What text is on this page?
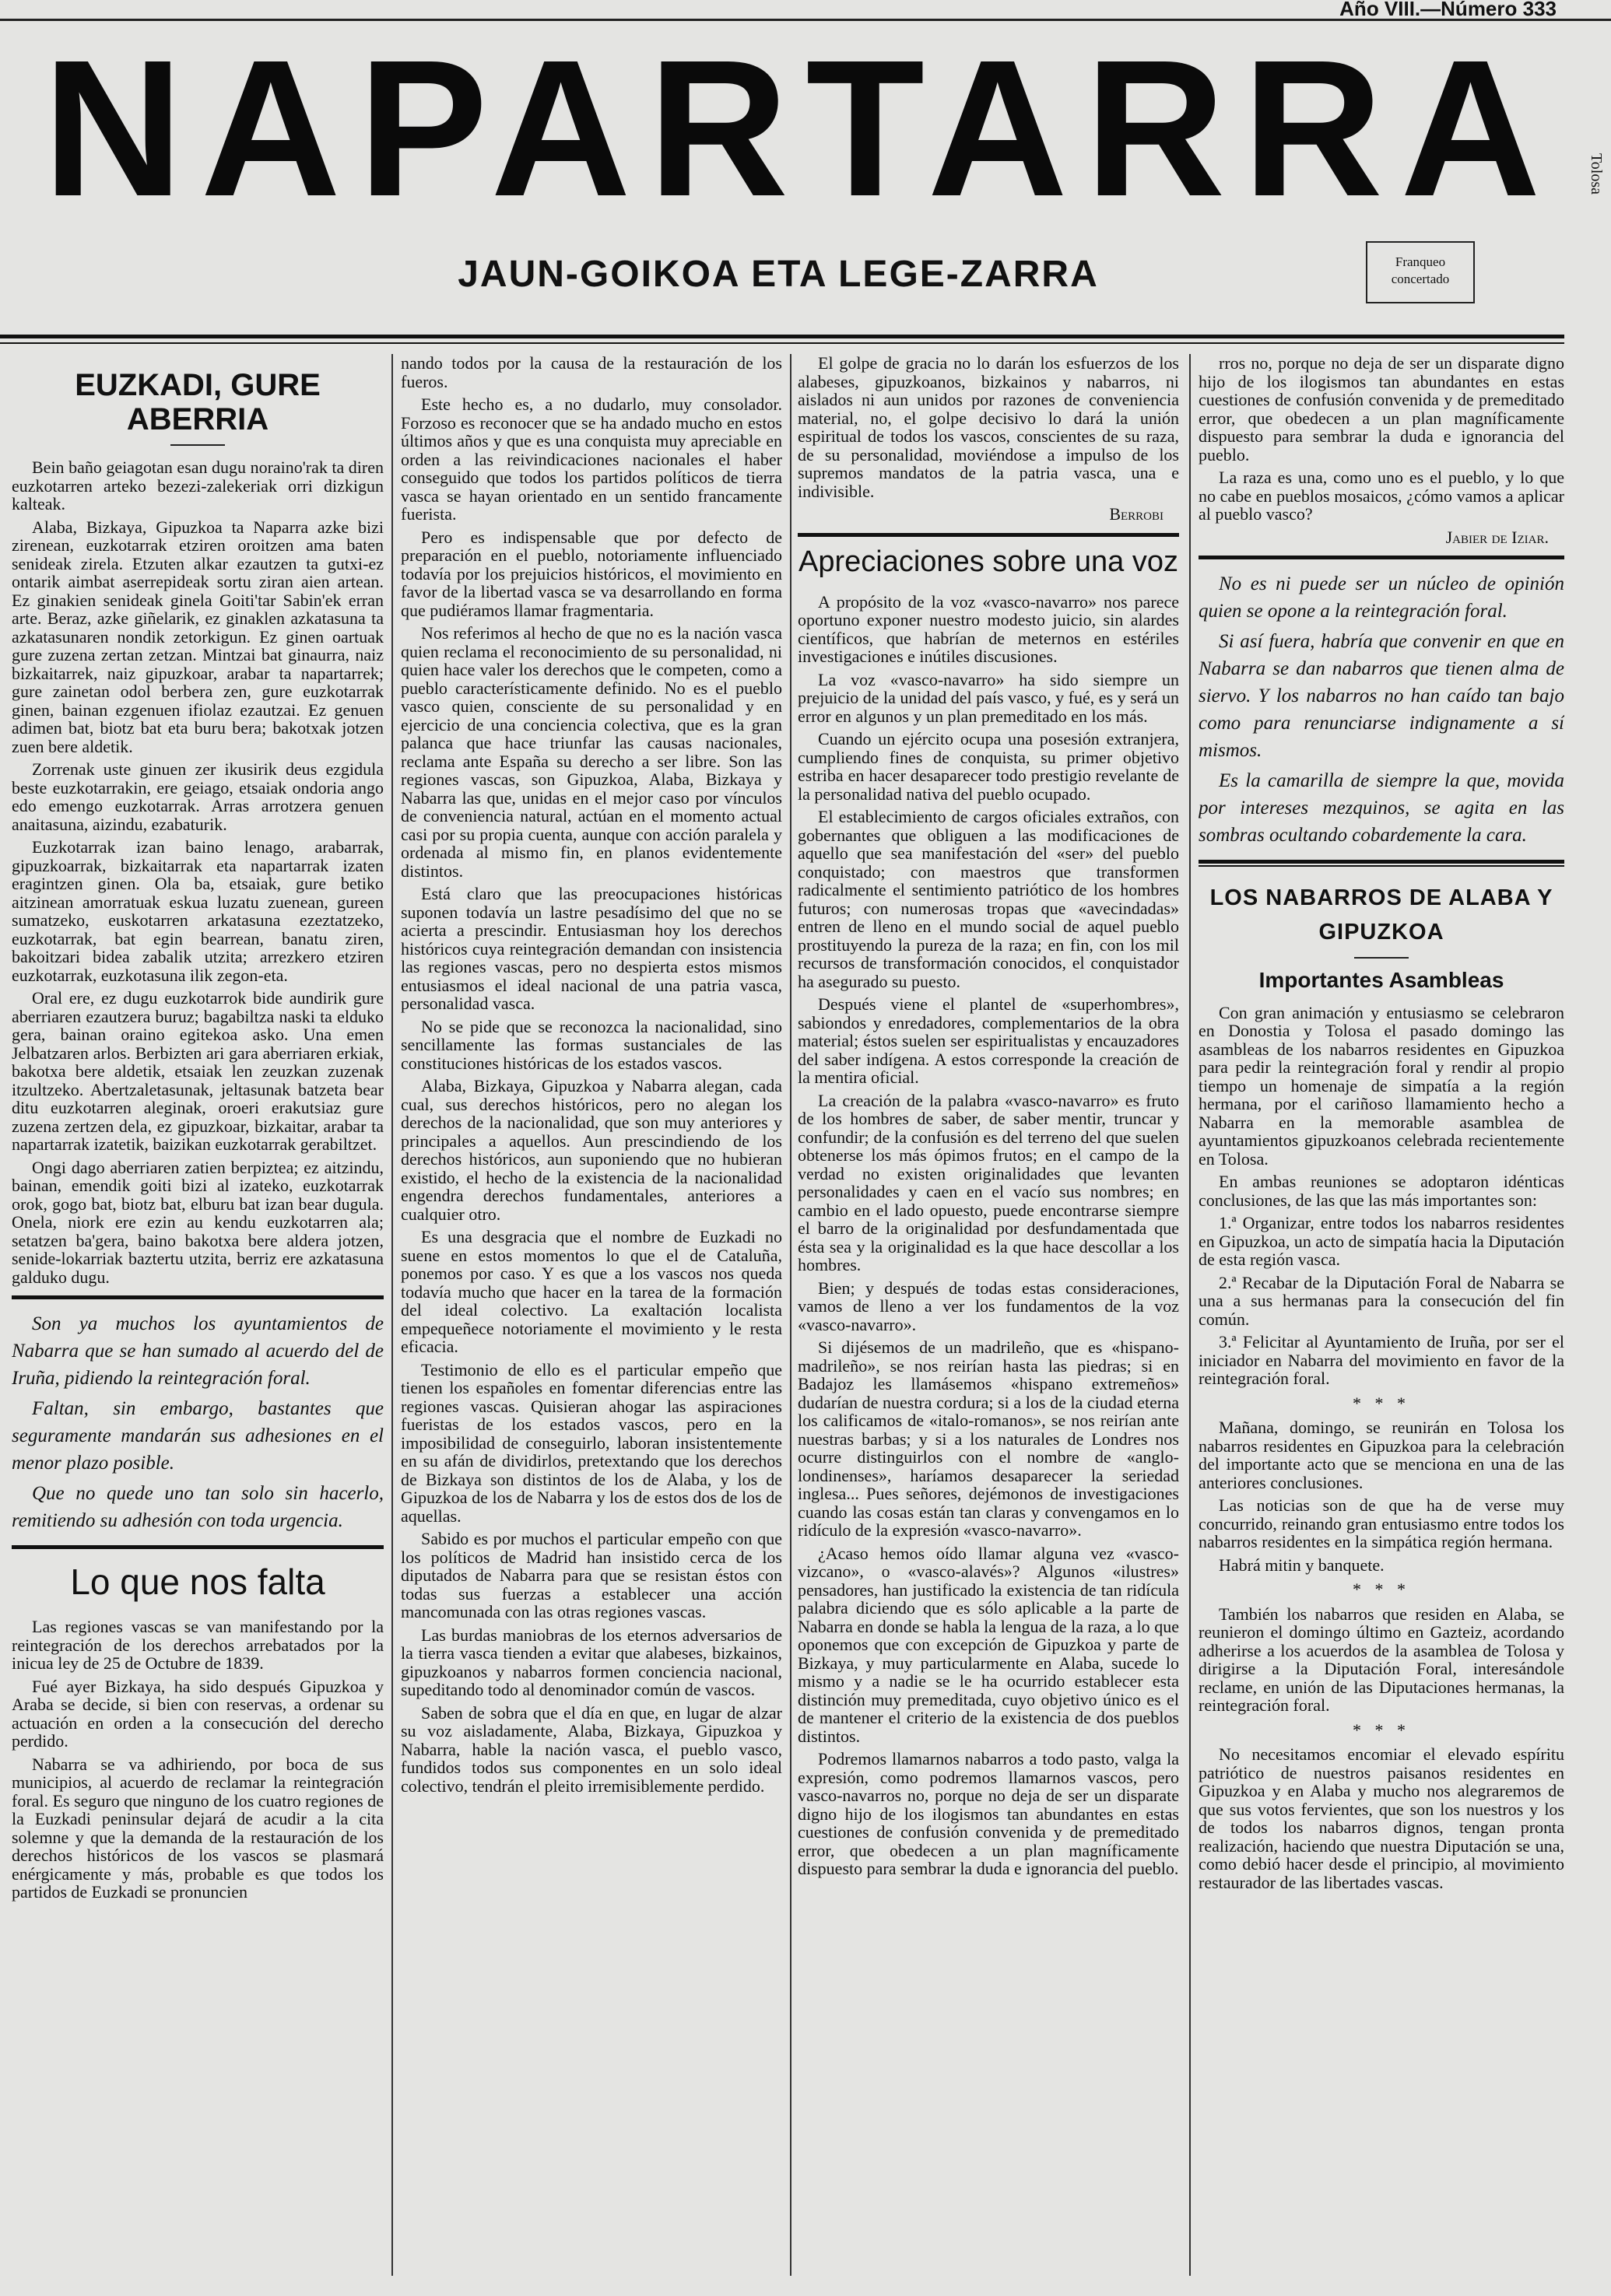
Año VIII.—Número 333
NAPARTARRA
JAUN-GOIKOA ETA LEGE-ZARRA	Franqueo concertado
Tolosa
EUZKADI, GURE ABERRIA

Bein baño geiagotan esan dugu noraino'rak ta diren euzkotarren arteko bezezi-zalekeriak orri dizkigun kalteak.

Alaba, Bizkaya, Gipuzkoa ta Naparra azke bizi zirenean, euzkotarrak etziren oroitzen ama baten senideak zirela. Etzuten alkar ezautzen ta gutxi-ez ontarik aimbat aserrepideak sortu ziran aien artean. Ez ginakien senideak ginela Goiti'tar Sabin'ek erran arte. Beraz, azke giñelarik, ez ginaklen azkatasuna ta azkatasunaren nondik zetorkigun. Ez ginen oartuak gure zuzena zertan zetzan. Mintzai bat ginaurra, naiz bizkaitarrek, naiz gipuzkoar, arabar ta napartarrek; gure zainetan odol berbera zen, gure euzkotarrak ginen, bainan ezgenuen ifiolaz ezautzai. Ez genuen adimen bat, biotz bat eta buru bera; bakotxak jotzen zuen bere aldetik.

Zorrenak uste ginuen zer ikusirik deus ezgidula beste euzkotarrakin, ere geiago, etsaiak ondoria ango edo emengo euzkotarrak. Arras arrotzera genuen anaitasuna, aizindu, ezabaturik.

Euzkotarrak izan baino lenago, arabarrak, gipuzkoarrak, bizkaitarrak eta napartarrak izaten eragintzen ginen. Ola ba, etsaiak, gure betiko aitzinean amorratuak eskua luzatu zuenean, gureen sumatzeko, euskotarren arkatasuna ezeztatzeko, euzkotarrak, bat egin bearrean, banatu ziren, bakoitzari bidea zabalik utzita; arrezkero etziren euzkotarrak, euzkotasuna ilik zegon-eta.

Oral ere, ez dugu euzkotarrok bide aundirik gure aberriaren ezautzera buruz; bagabiltza naski ta elduko gera, bainan oraino egitekoa asko. Una emen Jelbatzaren arlos. Berbizten ari gara aberriaren erkiak, bakotxa bere aldetik, etsaiak len zeuzkan zuzenak itzultzeko. Abertzaletasunak, jeltasunak batzeta bear ditu euzkotarren aleginak, oroeri erakutsiaz gure zuzena zertzen dela, ez gipuzkoar, bizkaitar, arabar ta napartarrak izatetik, baizikan euzkotarrak gerabiltzet.

Ongi dago aberriaren zatien berpiztea; ez aitzindu, bainan, emendik goiti bizi al izateko, euzkotarrak orok, gogo bat, biotz bat, elburu bat izan bear dugula. Onela, niork ere ezin au kendu euzkotarren ala; setatzen ba'gera, baino bakotxa bere aldera jotzen, senide-lokarriak baztertu utzita, berriz ere azkatasuna galduko dugu.

Son ya muchos los ayuntamientos de Nabarra que se han sumado al acuerdo del de Iruña, pidiendo la reintegración foral.

Faltan, sin embargo, bastantes que seguramente mandarán sus adhesiones en el menor plazo posible.

Que no quede uno tan solo sin hacerlo, remitiendo su adhesión con toda urgencia.

Lo que nos falta

Las regiones vascas se van manifestando por la reintegración de los derechos arrebatados por la inicua ley de 25 de Octubre de 1839.

Fué ayer Bizkaya, ha sido después Gipuzkoa y Araba se decide, si bien con reservas, a ordenar su actuación en orden a la consecución del derecho perdido.

Nabarra se va adhiriendo, por boca de sus municipios, al acuerdo de reclamar la reintegración foral. Es seguro que ninguno de los cuatro regiones de la Euzkadi peninsular dejará de acudir a la cita solemne y que la demanda de la restauración de los derechos históricos de los vascos se plasmará enérgicamente y más, probable es que todos los partidos de Euzkadi se pronuncien

nando todos por la causa de la restauración de los fueros.

Este hecho es, a no dudarlo, muy consolador. Forzoso es reconocer que se ha andado mucho en estos últimos años y que es una conquista muy apreciable en orden a las reivindicaciones nacionales el haber conseguido que todos los partidos políticos de tierra vasca se hayan orientado en un sentido francamente fuerista.

Pero es indispensable que por defecto de preparación en el pueblo, notoriamente influenciado todavía por los prejuicios históricos, el movimiento en favor de la libertad vasca se va desarrollando en forma que pudiéramos llamar fragmentaria.

Nos referimos al hecho de que no es la nación vasca quien reclama el reconocimiento de su personalidad, ni quien hace valer los derechos que le competen, como a pueblo característicamente definido. No es el pueblo vasco quien, consciente de su personalidad y en ejercicio de una conciencia colectiva, que es la gran palanca que hace triunfar las causas nacionales, reclama ante España su derecho a ser libre. Son las regiones vascas, son Gipuzkoa, Alaba, Bizkaya y Nabarra las que, unidas en el mejor caso por vínculos de conveniencia natural, actúan en el momento actual casi por su propia cuenta, aunque con acción paralela y ordenada al mismo fin, en planos evidentemente distintos.

Está claro que las preocupaciones históricas suponen todavía un lastre pesadísimo del que no se acierta a prescindir. Entusiasman hoy los derechos históricos cuya reintegración demandan con insistencia las regiones vascas, pero no despierta estos mismos entusiasmos el ideal nacional de una patria vasca, personalidad vasca.

No se pide que se reconozca la nacionalidad, sino sencillamente las formas sustanciales de las constituciones históricas de los estados vascos.

Alaba, Bizkaya, Gipuzkoa y Nabarra alegan, cada cual, sus derechos históricos, pero no alegan los derechos de la nacionalidad, que son muy anteriores y principales a aquellos. Aun prescindiendo de los derechos históricos, aun suponiendo que no hubieran existido, el hecho de la existencia de la nacionalidad engendra derechos fundamentales, anteriores a cualquier otro.

Es una desgracia que el nombre de Euzkadi no suene en estos momentos lo que el de Cataluña, ponemos por caso. Y es que a los vascos nos queda todavía mucho que hacer en la tarea de la formación del ideal colectivo. La exaltación localista empequeñece notoriamente el movimiento y le resta eficacia.

Testimonio de ello es el particular empeño que tienen los españoles en fomentar diferencias entre las regiones vascas. Quisieran ahogar las aspiraciones fueristas de los estados vascos, pero en la imposibilidad de conseguirlo, laboran insistentemente en su afán de dividirlos, pretextando que los derechos de Bizkaya son distintos de los de Alaba, y los de Gipuzkoa de los de Nabarra y los de estos dos de los de aquellas.

Sabido es por muchos el particular empeño con que los políticos de Madrid han insistido cerca de los diputados de Nabarra para que se resistan éstos con todas sus fuerzas a establecer una acción mancomunada con las otras regiones vascas.

Las burdas maniobras de los eternos adversarios de la tierra vasca tienden a evitar que alabeses, bizkainos, gipuzkoanos y nabarros formen conciencia nacional, supeditando todo al denominador común de vascos.

Saben de sobra que el día en que, en lugar de alzar su voz aisladamente, Alaba, Bizkaya, Gipuzkoa y Nabarra, hable la nación vasca, el pueblo vasco, fundidos todos sus componentes en un solo ideal colectivo, tendrán el pleito irremisiblemente perdido.

El golpe de gracia no lo darán los esfuerzos de los alabeses, gipuzkoanos, bizkainos y nabarros, ni aislados ni aun unidos por razones de conveniencia material, no, el golpe decisivo lo dará la unión espiritual de todos los vascos, conscientes de su raza, de su personalidad, moviéndose a impulso de los supremos mandatos de la patria vasca, una e indivisible.

Berrobi

Apreciaciones sobre una voz

A propósito de la voz «vasco-navarro» nos parece oportuno exponer nuestro modesto juicio, sin alardes científicos, que habrían de meternos en estériles investigaciones e inútiles discusiones.

La voz «vasco-navarro» ha sido siempre un prejuicio de la unidad del país vasco, y fué, es y será un error en algunos y un plan premeditado en los más.

Cuando un ejército ocupa una posesión extranjera, cumpliendo fines de conquista, su primer objetivo estriba en hacer desaparecer todo prestigio revelante de la personalidad nativa del pueblo ocupado.

El establecimiento de cargos oficiales extraños, con gobernantes que obliguen a las modificaciones de aquello que sea manifestación del «ser» del pueblo conquistado; con maestros que transformen radicalmente el sentimiento patriótico de los hombres futuros; con numerosas tropas que «avecindadas» entren de lleno en el mundo social de aquel pueblo prostituyendo la pureza de la raza; en fin, con los mil recursos de transformación conocidos, el conquistador ha asegurado su puesto.

Después viene el plantel de «superhombres», sabiondos y enredadores, complementarios de la obra material; éstos suelen ser espiritualistas y encauzadores del saber indígena. A estos corresponde la creación de la mentira oficial.

La creación de la palabra «vasco-navarro» es fruto de los hombres de saber, de saber mentir, truncar y confundir; de la confusión es del terreno del que suelen obtenerse los más ópimos frutos; en el campo de la verdad no existen originalidades que levanten personalidades y caen en el vacío sus nombres; en cambio en el lado opuesto, puede encontrarse siempre el barro de la originalidad por desfundamentada que ésta sea y la originalidad es la que hace descollar a los hombres.

Bien; y después de todas estas consideraciones, vamos de lleno a ver los fundamentos de la voz «vasco-navarro».

Si dijésemos de un madrileño, que es «hispano-madrileño», se nos reirían hasta las piedras; si en Badajoz les llamásemos «hispano extremeños» dudarían de nuestra cordura; si a los de la ciudad eterna los calificamos de «italo-romanos», se nos reirían ante nuestras barbas; y si a los naturales de Londres nos ocurre distinguirlos con el nombre de «anglo-londinenses», haríamos desaparecer la seriedad inglesa... Pues señores, dejémonos de investigaciones cuando las cosas están tan claras y convengamos en lo ridículo de la expresión «vasco-navarro».

¿Acaso hemos oído llamar alguna vez «vasco-vizcano», o «vasco-alavés»? Algunos «ilustres» pensadores, han justificado la existencia de tan ridícula palabra diciendo que es sólo aplicable a la parte de Nabarra en donde se habla la lengua de la raza, a lo que oponemos que con excepción de Gipuzkoa y parte de Bizkaya, y muy particularmente en Alaba, sucede lo mismo y a nadie se le ha ocurrido establecer esta distinción muy premeditada, cuyo objetivo único es el de mantener el criterio de la existencia de dos pueblos distintos.

Podremos llamarnos nabarros a todo pasto, valga la expresión, como podremos llamarnos vascos, pero vasco-navarros no, porque no deja de ser un disparate digno hijo de los ilogismos tan abundantes en estas cuestiones de confusión convenida y de premeditado error, que obedecen a un plan magníficamente dispuesto para sembrar la duda e ignorancia del pueblo.

rros no, porque no deja de ser un disparate digno hijo de los ilogismos tan abundantes en estas cuestiones de confusión convenida y de premeditado error, que obedecen a un plan magníficamente dispuesto para sembrar la duda e ignorancia del pueblo.

La raza es una, como uno es el pueblo, y lo que no cabe en pueblos mosaicos, ¿cómo vamos a aplicar al pueblo vasco?

Jabier de Iziar.

No es ni puede ser un núcleo de opinión quien se opone a la reintegración foral.

Si así fuera, habría que convenir en que en Nabarra se dan nabarros que tienen alma de siervo. Y los nabarros no han caído tan bajo como para renunciarse indignamente a sí mismos.

Es la camarilla de siempre la que, movida por intereses mezquinos, se agita en las sombras ocultando cobardemente la cara.

LOS NABARROS DE ALABA Y GIPUZKOA
Importantes Asambleas

Con gran animación y entusiasmo se celebraron en Donostia y Tolosa el pasado domingo las asambleas de los nabarros residentes en Gipuzkoa para pedir la reintegración foral y rendir al propio tiempo un homenaje de simpatía a la región hermana, por el cariñoso llamamiento hecho a Nabarra en la memorable asamblea de ayuntamientos gipuzkoanos celebrada recientemente en Tolosa.

En ambas reuniones se adoptaron idénticas conclusiones, de las que las más importantes son:

1.ª Organizar, entre todos los nabarros residentes en Gipuzkoa, un acto de simpatía hacia la Diputación de esta región vasca.

2.ª Recabar de la Diputación Foral de Nabarra se una a sus hermanas para la consecución del fin común.

3.ª Felicitar al Ayuntamiento de Iruña, por ser el iniciador en Nabarra del movimiento en favor de la reintegración foral.

* * *

Mañana, domingo, se reunirán en Tolosa los nabarros residentes en Gipuzkoa para la celebración del importante acto que se menciona en una de las anteriores conclusiones.

Las noticias son de que ha de verse muy concurrido, reinando gran entusiasmo entre todos los nabarros residentes en la simpática región hermana.

Habrá mitin y banquete.

* * *

También los nabarros que residen en Alaba, se reunieron el domingo último en Gazteiz, acordando adherirse a los acuerdos de la asamblea de Tolosa y dirigirse a la Diputación Foral, interesándole reclame, en unión de las Diputaciones hermanas, la reintegración foral.

* * *

No necesitamos encomiar el elevado espíritu patriótico de nuestros paisanos residentes en Gipuzkoa y en Alaba y mucho nos alegraremos de que sus votos fervientes, que son los nuestros y los de todos los nabarros dignos, tengan pronta realización, haciendo que nuestra Diputación se una, como debió hacer desde el principio, al movimiento restaurador de las libertades vascas.
